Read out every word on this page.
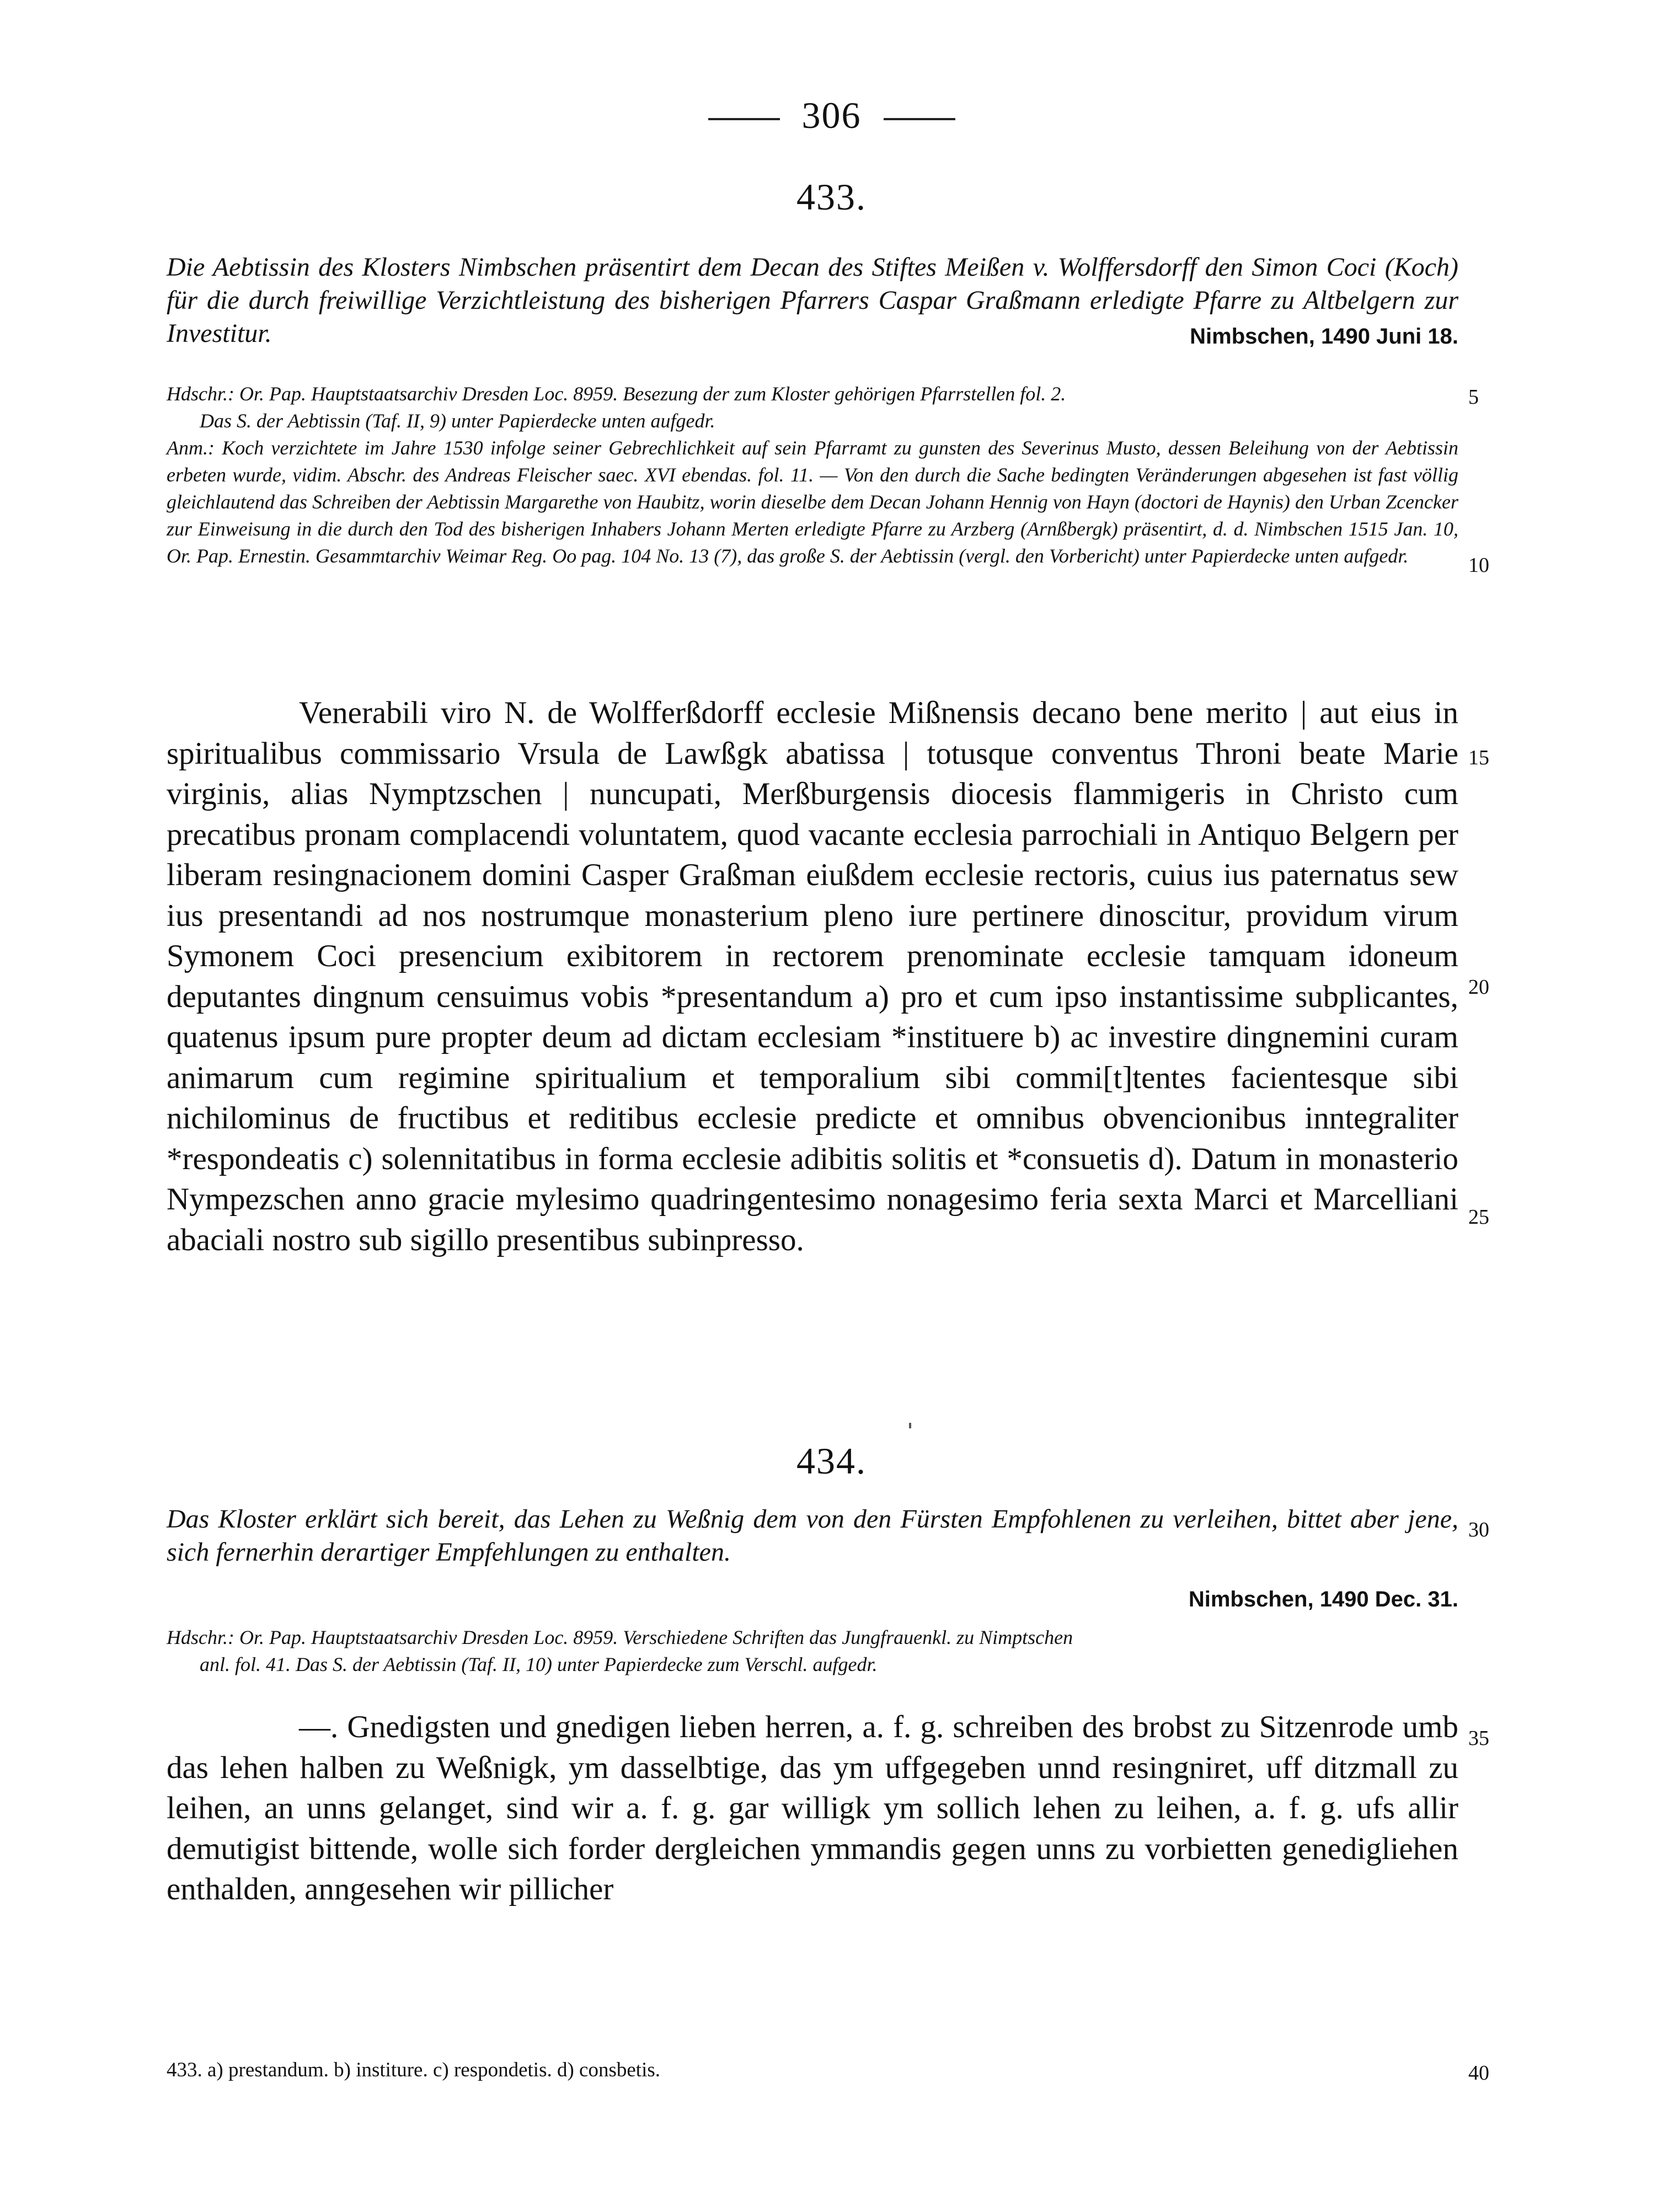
306
433.
Die Aebtissin des Klosters Nimbschen präsentirt dem Decan des Stiftes Meißen v. Wolffersdorff den Simon Coci (Koch) für die durch freiwillige Verzichtleistung des bisherigen Pfarrers Caspar Graßmann erledigte Pfarre zu Altbelgern zur Investitur.	Nimbschen, 1490 Juni 18.
Hdschr.: Or. Pap. Hauptstaatsarchiv Dresden Loc. 8959. Besezung der zum Kloster gehörigen Pfarrstellen fol. 2.
Das S. der Aebtissin (Taf. II, 9) unter Papierdecke unten aufgedr.
Anm.: Koch verzichtete im Jahre 1530 infolge seiner Gebrechlichkeit auf sein Pfarramt zu gunsten des Severinus Musto, dessen Beleihung von der Aebtissin erbeten wurde, vidim. Abschr. des Andreas Fleischer saec. XVI ebendas. fol. 11. — Von den durch die Sache bedingten Veränderungen abgesehen ist fast völlig gleichlautend das Schreiben der Aebtissin Margarethe von Haubitz, worin dieselbe dem Decan Johann Hennig von Hayn (doctori de Haynis) den Urban Zcencker zur Einweisung in die durch den Tod des bisherigen Inhabers Johann Merten erledigte Pfarre zu Arzberg (Arnßbergk) präsentirt, d. d. Nimbschen 1515 Jan. 10, Or. Pap. Ernestin. Gesammtarchiv Weimar Reg. Oo pag. 104 No. 13 (7), das große S. der Aebtissin (vergl. den Vorbericht) unter Papierdecke unten aufgedr.

Venerabili viro N. de Wolfferßdorff ecclesie Mißnensis decano bene merito | aut eius in spiritualibus commissario Vrsula de Lawßgk abatissa | totusque conventus Throni beate Marie virginis, alias Nymptzschen | nuncupati, Merßburgensis diocesis flammigeris in Christo cum precatibus pronam complacendi voluntatem, quod vacante ecclesia parrochiali in Antiquo Belgern per liberam resingnacionem domini Casper Graßman eiußdem ecclesie rectoris, cuius ius paternatus sew ius presentandi ad nos nostrumque monasterium pleno iure pertinere dinoscitur, providum virum Symonem Coci presencium exibitorem in rectorem prenominate ecclesie tamquam idoneum deputantes dingnum censuimus vobis *presentandum a) pro et cum ipso instantissime subplicantes, quatenus ipsum pure propter deum ad dictam ecclesiam *instituere b) ac investire dingnemini curam animarum cum regimine spiritualium et temporalium sibi commi[t]tentes facientesque sibi nichilominus de fructibus et reditibus ecclesie predicte et omnibus obvencionibus inntegraliter *respondeatis c) solennitatibus in forma ecclesie adibitis solitis et *consuetis d). Datum in monasterio Nympezschen anno gracie mylesimo quadringentesimo nonagesimo feria sexta Marci et Marcelliani abaciali nostro sub sigillo presentibus subinpresso.

434.
Das Kloster erklärt sich bereit, das Lehen zu Weßnig dem von den Fürsten Empfohlenen zu verleihen, bittet aber jene, sich fernerhin derartiger Empfehlungen zu enthalten.
Nimbschen, 1490 Dec. 31.
Hdschr.: Or. Pap. Hauptstaatsarchiv Dresden Loc. 8959. Verschiedene Schriften das Jungfrauenkl. zu Nimptschen
anl. fol. 41. Das S. der Aebtissin (Taf. II, 10) unter Papierdecke zum Verschl. aufgedr.

—. Gnedigsten und gnedigen lieben herren, a. f. g. schreiben des brobst zu Sitzenrode umb das lehen halben zu Weßnigk, ym dasselbtige, das ym uffgegeben unnd resingniret, uff ditzmall zu leihen, an unns gelanget, sind wir a. f. g. gar willigk ym sollich lehen zu leihen, a. f. g. ufs allir demutigist bittende, wolle sich forder dergleichen ymmandis gegen unns zu vorbietten genedigliehen enthalden, anngesehen wir pillicher

433. a) prestandum. b) institure. c) respondetis. d) consbetis.
5
10
15
20
25
30
35
40
